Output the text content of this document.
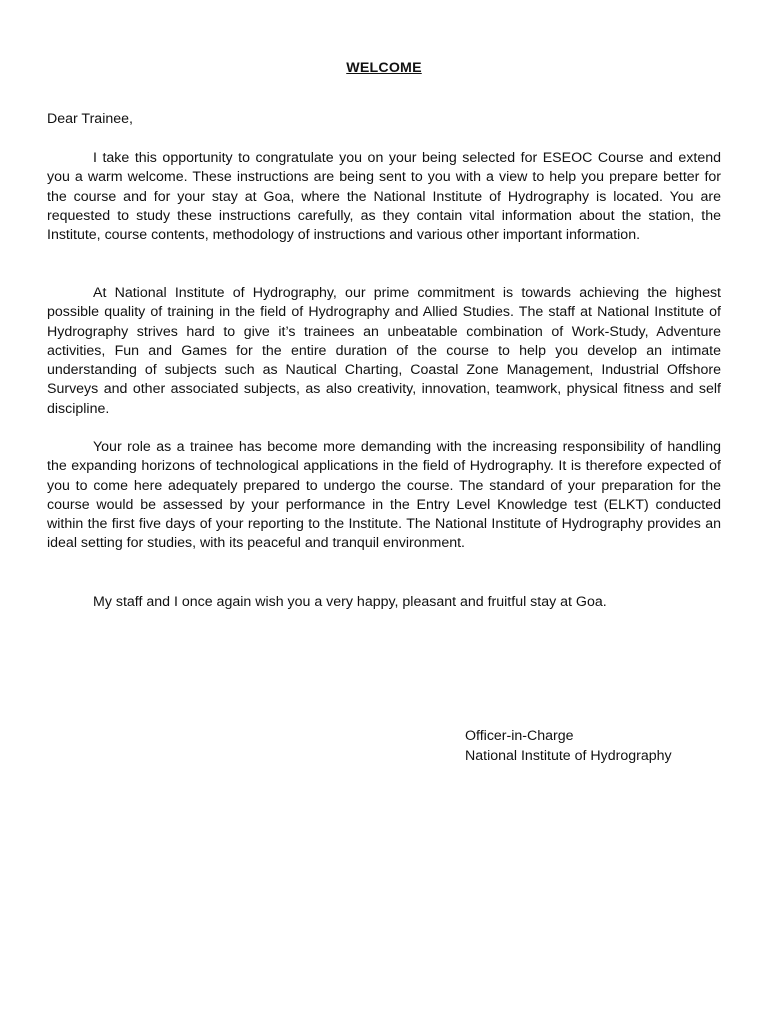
WELCOME
Dear Trainee,

I take this opportunity to congratulate you on your being selected for ESEOC Course and extend you a warm welcome. These instructions are being sent to you with a view to help you prepare better for the course and for your stay at Goa, where the National Institute of Hydrography is located. You are requested to study these instructions carefully, as they contain vital information about the station, the Institute, course contents, methodology of instructions and various other important information.

At National Institute of Hydrography, our prime commitment is towards achieving the highest possible quality of training in the field of Hydrography and Allied Studies. The staff at National Institute of Hydrography strives hard to give it’s trainees an unbeatable combination of Work-Study, Adventure activities, Fun and Games for the entire duration of the course to help you develop an intimate understanding of subjects such as Nautical Charting, Coastal Zone Management, Industrial Offshore Surveys and other associated subjects, as also creativity, innovation, teamwork, physical fitness and self discipline.

Your role as a trainee has become more demanding with the increasing responsibility of handling the expanding horizons of technological applications in the field of Hydrography. It is therefore expected of you to come here adequately prepared to undergo the course. The standard of your preparation for the course would be assessed by your performance in the Entry Level Knowledge test (ELKT) conducted within the first five days of your reporting to the Institute. The National Institute of Hydrography provides an ideal setting for studies, with its peaceful and tranquil environment.

My staff and I once again wish you a very happy, pleasant and fruitful stay at Goa.

Officer-in-Charge
National Institute of Hydrography
